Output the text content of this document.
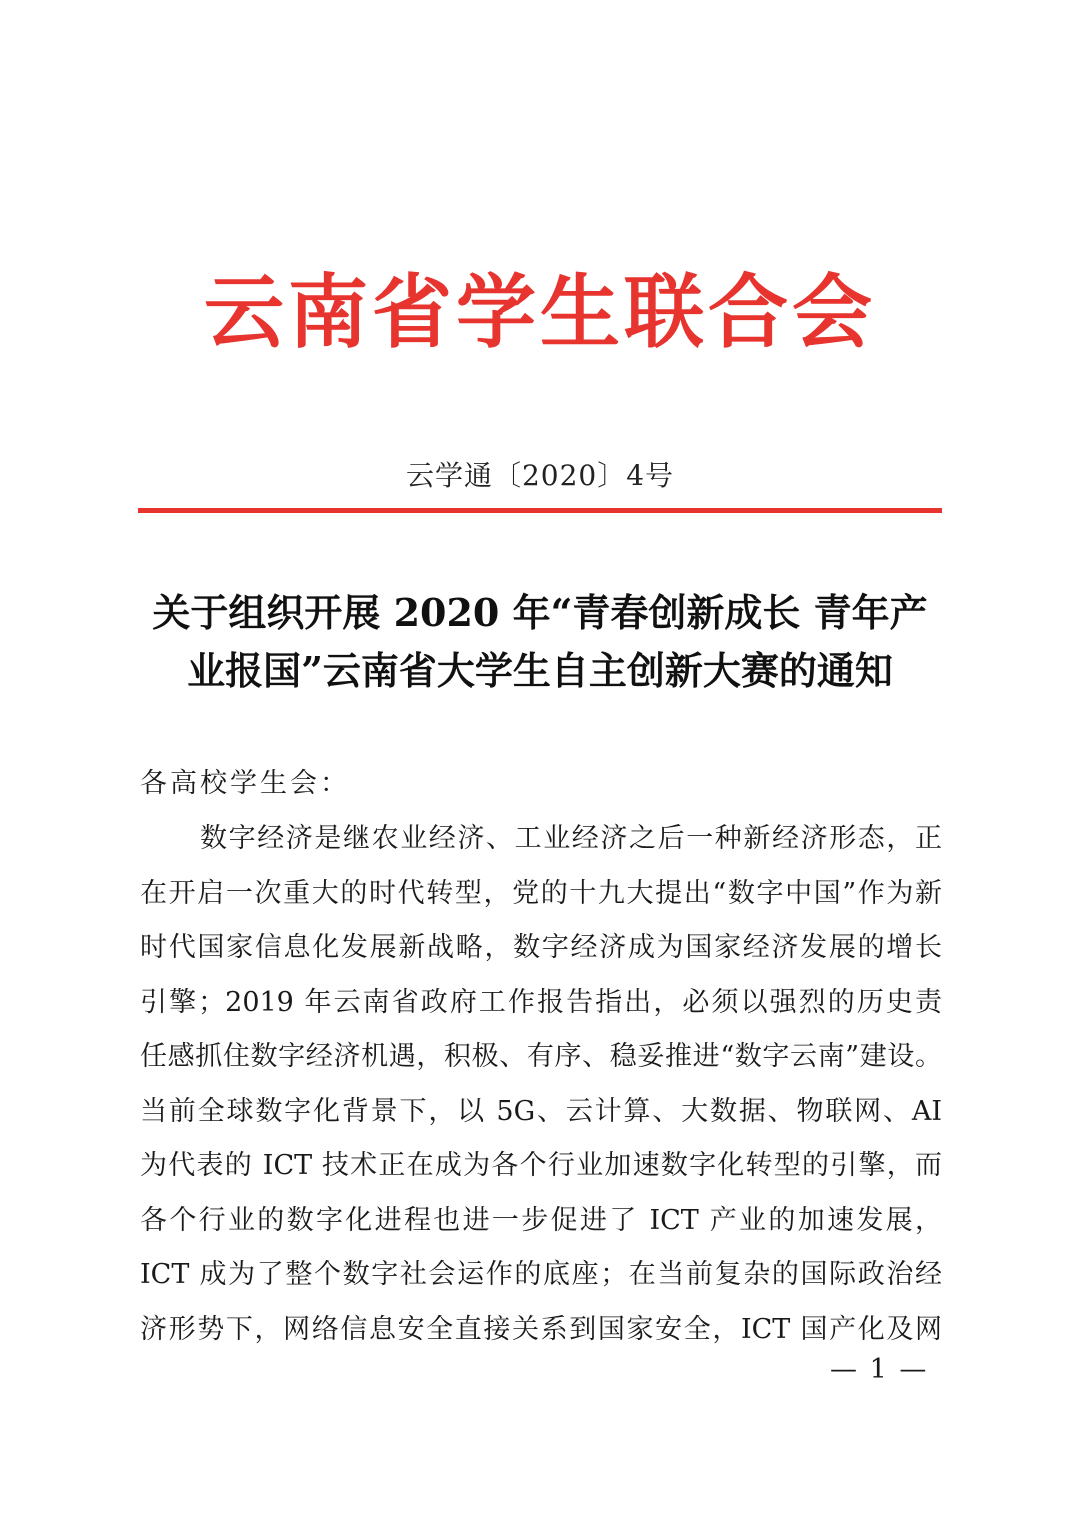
云南省学生联合会
云学通〔2020〕4号
关于组织开展 2020 年“青春创新成长 青年产
业报国”云南省大学生自主创新大赛的通知
各高校学生会：
数字经济是继农业经济、工业经济之后一种新经济形态，正
在开启一次重大的时代转型，党的十九大提出“数字中国”作为新
时代国家信息化发展新战略，数字经济成为国家经济发展的增长
引擎；2019 年云南省政府工作报告指出，必须以强烈的历史责
任感抓住数字经济机遇，积极、有序、稳妥推进“数字云南”建设。
当前全球数字化背景下，以 5G、云计算、大数据、物联网、AI
为代表的 ICT 技术正在成为各个行业加速数字化转型的引擎，而
各个行业的数字化进程也进一步促进了 ICT 产业的加速发展，
ICT 成为了整个数字社会运作的底座；在当前复杂的国际政治经
济形势下，网络信息安全直接关系到国家安全，ICT 国产化及网
— 1 —
